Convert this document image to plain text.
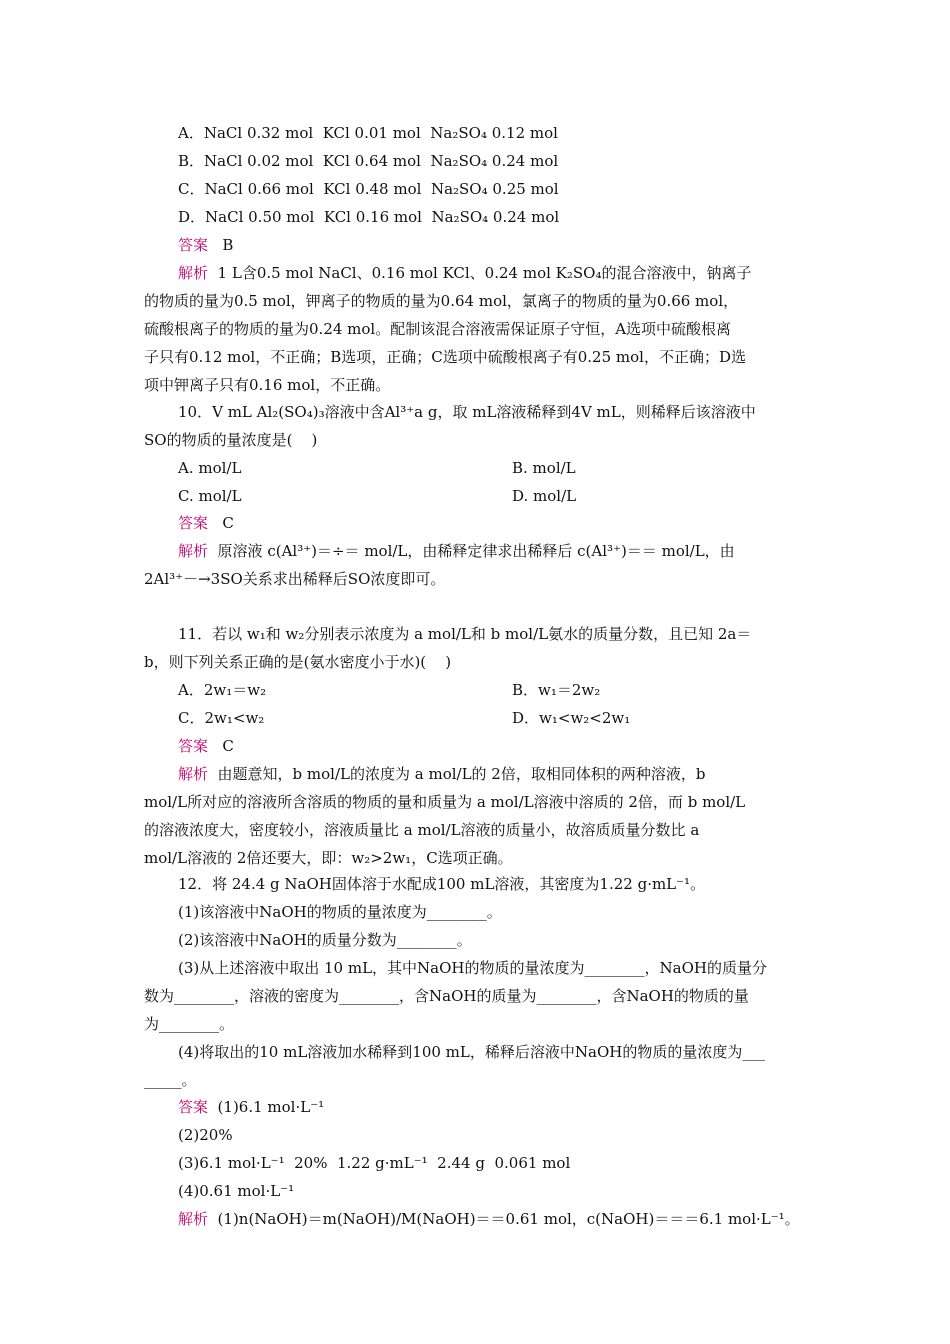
A．NaCl 0.32 mol  KCl 0.01 mol  Na₂SO₄ 0.12 mol
B．NaCl 0.02 mol  KCl 0.64 mol  Na₂SO₄ 0.24 mol
C．NaCl 0.66 mol  KCl 0.48 mol  Na₂SO₄ 0.25 mol
D．NaCl 0.50 mol  KCl 0.16 mol  Na₂SO₄ 0.24 mol
答案 B
解析  1 L含0.5 mol NaCl、0.16 mol KCl、0.24 mol K₂SO₄的混合溶液中，钠离子
的物质的量为0.5 mol，钾离子的物质的量为0.64 mol，氯离子的物质的量为0.66 mol，
硫酸根离子的物质的量为0.24 mol。配制该混合溶液需保证原子守恒，A选项中硫酸根离
子只有0.12 mol，不正确；B选项，正确；C选项中硫酸根离子有0.25 mol，不正确；D选
项中钾离子只有0.16 mol，不正确。
10．V mL Al₂(SO₄)₃溶液中含Al³⁺a g，取 mL溶液稀释到4V mL，则稀释后该溶液中
SO的物质的量浓度是(    )
A. mol/L	B. mol/L
C. mol/L	D. mol/L
答案 C
解析  原溶液 c(Al³⁺)＝÷＝ mol/L，由稀释定律求出稀释后 c(Al³⁺)＝＝ mol/L，由
2Al³⁺－→3SO关系求出稀释后SO浓度即可。
11．若以 w₁和 w₂分别表示浓度为 a mol/L和 b mol/L氨水的质量分数，且已知 2a＝
b，则下列关系正确的是(氨水密度小于水)(    )
A．2w₁＝w₂	B．w₁＝2w₂
C．2w₁<w₂	D．w₁<w₂<2w₁
答案 C
解析  由题意知，b mol/L的浓度为 a mol/L的 2倍，取相同体积的两种溶液，b
mol/L所对应的溶液所含溶质的物质的量和质量为 a mol/L溶液中溶质的 2倍，而 b mol/L
的溶液浓度大，密度较小，溶液质量比 a mol/L溶液的质量小，故溶质质量分数比 a
mol/L溶液的 2倍还要大，即：w₂>2w₁，C选项正确。
12．将 24.4 g NaOH固体溶于水配成100 mL溶液，其密度为1.22 g·mL⁻¹。
(1)该溶液中NaOH的物质的量浓度为________。
(2)该溶液中NaOH的质量分数为________。
(3)从上述溶液中取出 10 mL，其中NaOH的物质的量浓度为________，NaOH的质量分
数为________，溶液的密度为________，含NaOH的质量为________，含NaOH的物质的量
为________。
(4)将取出的10 mL溶液加水稀释到100 mL，稀释后溶液中NaOH的物质的量浓度为___
_____。
答案  (1)6.1 mol·L⁻¹
(2)20%
(3)6.1 mol·L⁻¹  20%  1.22 g·mL⁻¹  2.44 g  0.061 mol
(4)0.61 mol·L⁻¹
解析  (1)n(NaOH)＝m(NaOH)/M(NaOH)＝＝0.61 mol，c(NaOH)＝＝＝6.1 mol·L⁻¹。
